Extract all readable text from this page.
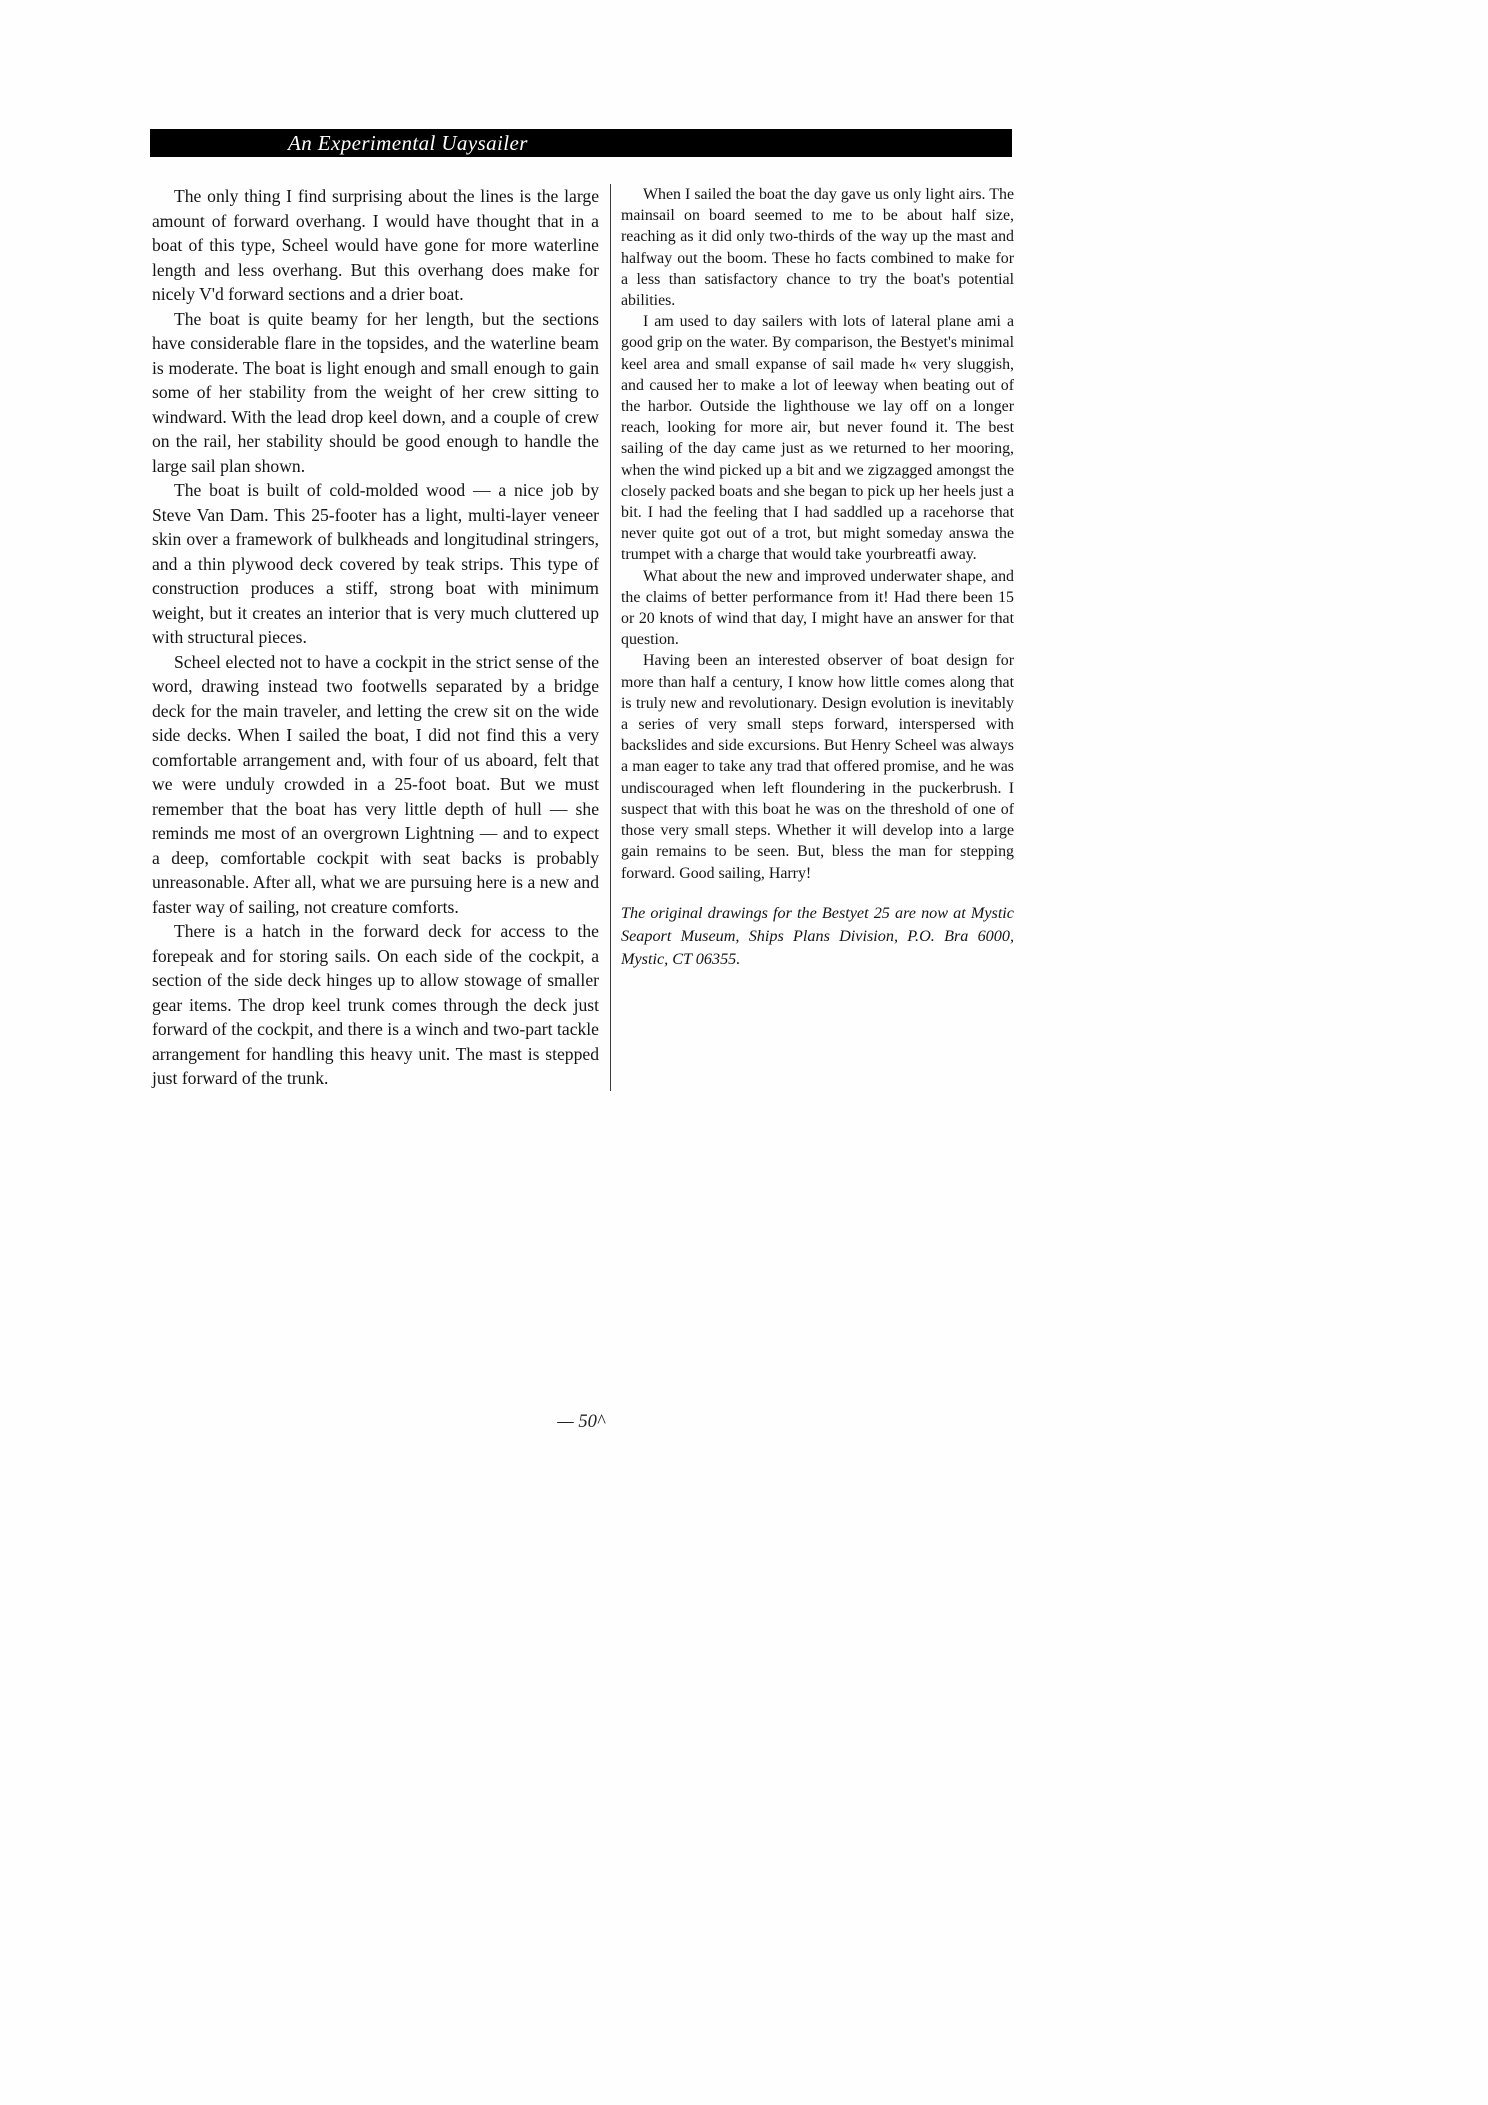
An Experimental Uaysailer

The only thing I find surprising about the lines is the large amount of forward overhang. I would have thought that in a boat of this type, Scheel would have gone for more waterline length and less overhang. But this overhang does make for nicely V'd forward sections and a drier boat.

The boat is quite beamy for her length, but the sections have considerable flare in the topsides, and the waterline beam is moderate. The boat is light enough and small enough to gain some of her stability from the weight of her crew sitting to windward. With the lead drop keel down, and a couple of crew on the rail, her stability should be good enough to handle the large sail plan shown.

The boat is built of cold-molded wood — a nice job by Steve Van Dam. This 25-footer has a light, multi-layer veneer skin over a framework of bulkheads and longitudinal stringers, and a thin plywood deck covered by teak strips. This type of construction produces a stiff, strong boat with minimum weight, but it creates an interior that is very much cluttered up with structural pieces.

Scheel elected not to have a cockpit in the strict sense of the word, drawing instead two footwells separated by a bridge deck for the main traveler, and letting the crew sit on the wide side decks. When I sailed the boat, I did not find this a very comfortable arrangement and, with four of us aboard, felt that we were unduly crowded in a 25-foot boat. But we must remember that the boat has very little depth of hull — she reminds me most of an overgrown Lightning — and to expect a deep, comfortable cockpit with seat backs is probably unreasonable. After all, what we are pursuing here is a new and faster way of sailing, not creature comforts.

There is a hatch in the forward deck for access to the forepeak and for storing sails. On each side of the cockpit, a section of the side deck hinges up to allow stowage of smaller gear items. The drop keel trunk comes through the deck just forward of the cockpit, and there is a winch and two-part tackle arrangement for handling this heavy unit. The mast is stepped just forward of the trunk.

When I sailed the boat the day gave us only light airs. The mainsail on board seemed to me to be about half size, reaching as it did only two-thirds of the way up the mast and halfway out the boom. These ho facts combined to make for a less than satisfactory chance to try the boat's potential abilities.

I am used to day sailers with lots of lateral plane ami a good grip on the water. By comparison, the Bestyet's minimal keel area and small expanse of sail made h« very sluggish, and caused her to make a lot of leeway when beating out of the harbor. Outside the lighthouse we lay off on a longer reach, looking for more air, but never found it. The best sailing of the day came just as we returned to her mooring, when the wind picked up a bit and we zigzagged amongst the closely packed boats and she began to pick up her heels just a bit. I had the feeling that I had saddled up a racehorse that never quite got out of a trot, but might someday answa the trumpet with a charge that would take yourbreatfi away.

What about the new and improved underwater shape, and the claims of better performance from it! Had there been 15 or 20 knots of wind that day, I might have an answer for that question.

Having been an interested observer of boat design for more than half a century, I know how little comes along that is truly new and revolutionary. Design evolution is inevitably a series of very small steps forward, interspersed with backslides and side excursions. But Henry Scheel was always a man eager to take any trad that offered promise, and he was undiscouraged when left floundering in the puckerbrush. I suspect that with this boat he was on the threshold of one of those very small steps. Whether it will develop into a large gain remains to be seen. But, bless the man for stepping forward. Good sailing, Harry!

The original drawings for the Bestyet 25 are now at Mystic Seaport Museum, Ships Plans Division, P.O. Bra 6000, Mystic, CT 06355.

— 50^
